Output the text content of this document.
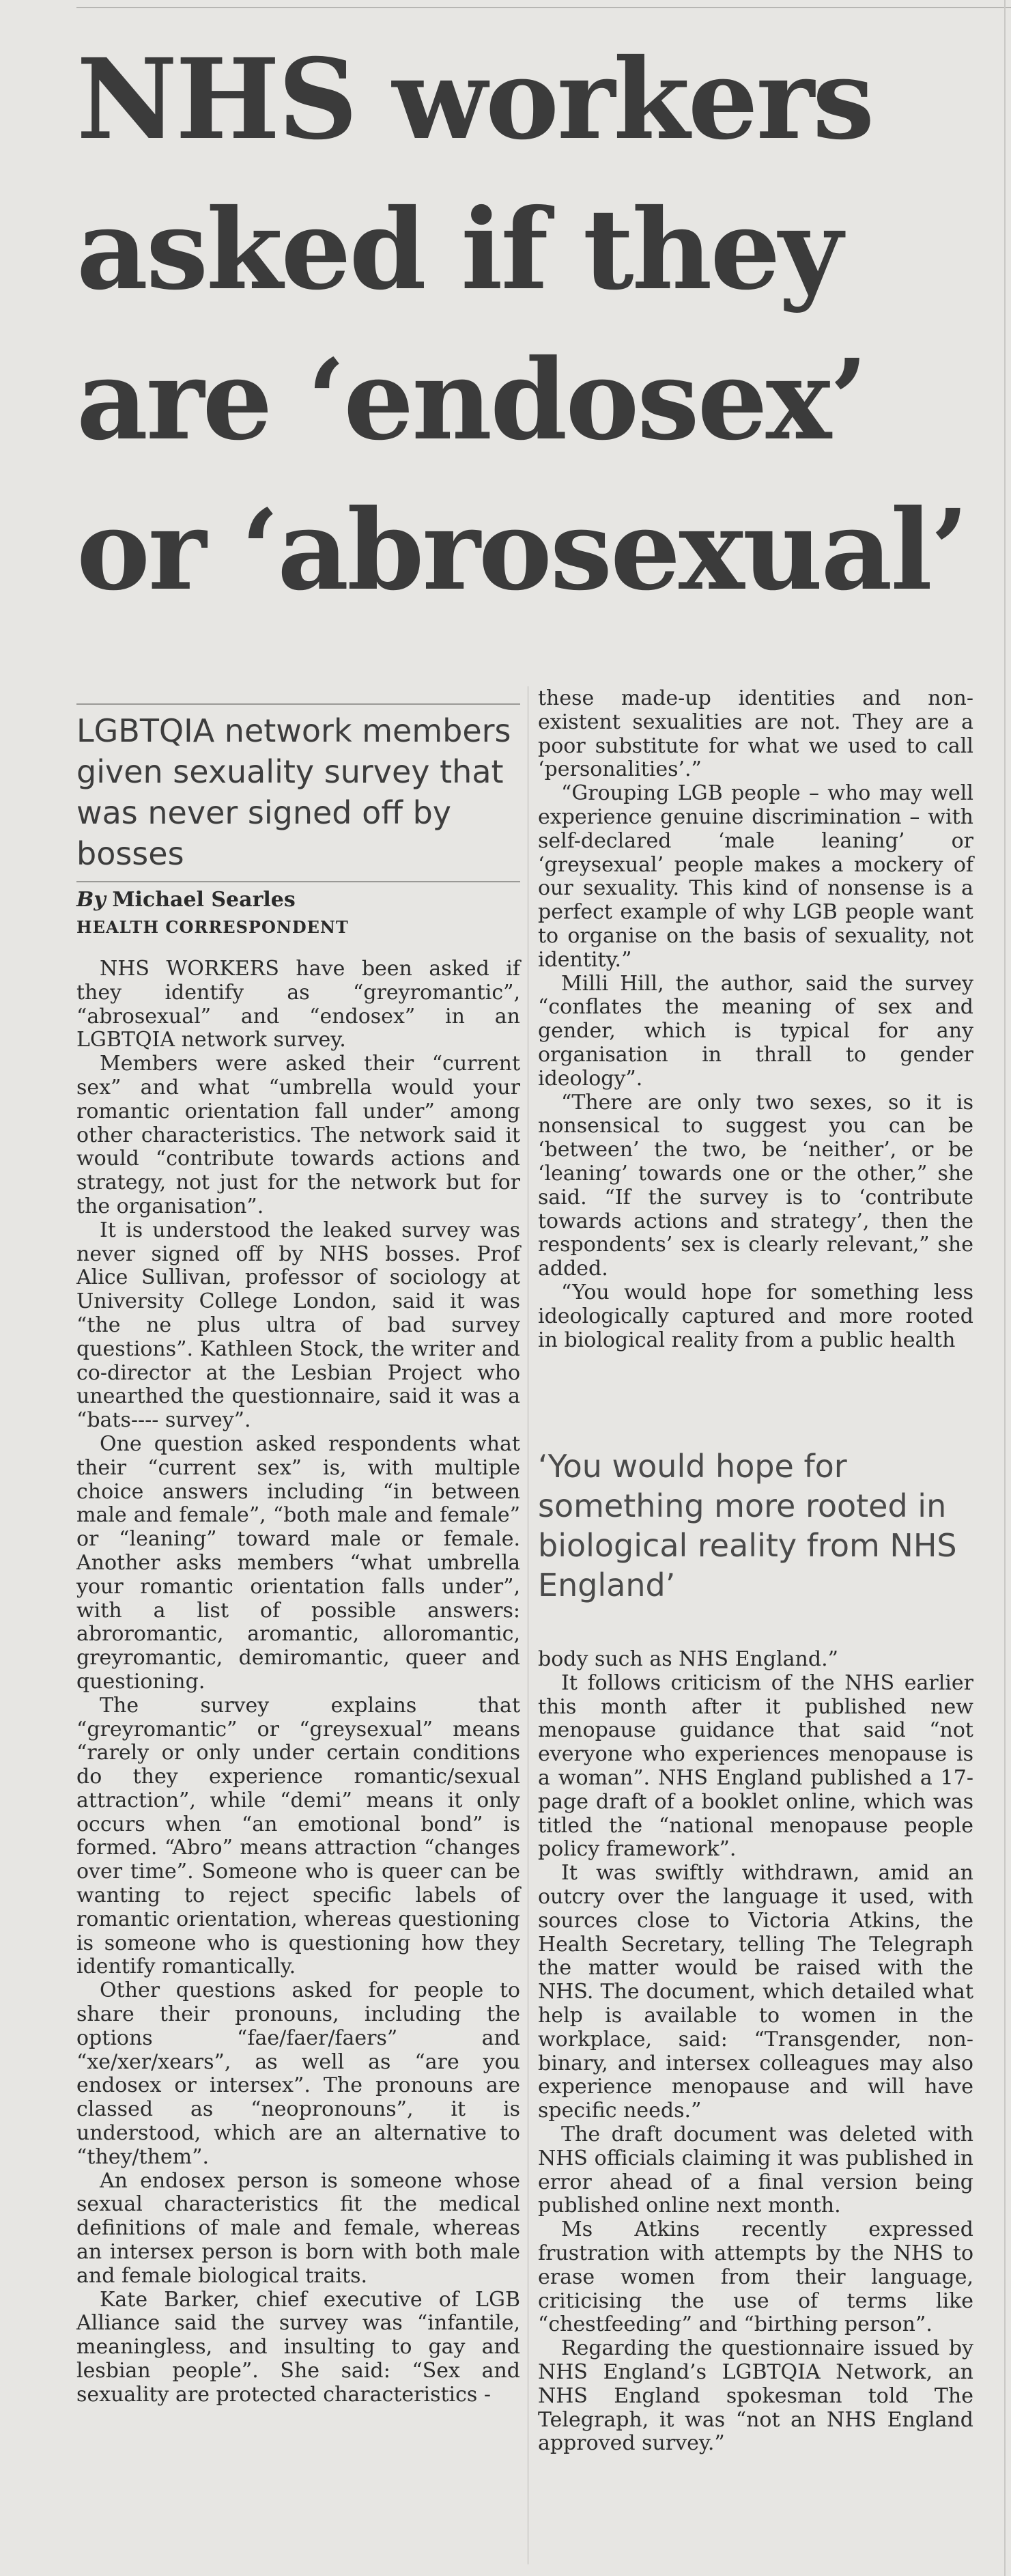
NHS workers asked if they are ‘endosex’ or ‘abrosexual’

LGBTQIA network members given sexuality survey that was never signed off by bosses

By Michael Searles

HEALTH CORRESPONDENT

NHS WORKERS have been asked if they identify as “greyromantic”, “abrosexual” and “endosex” in an LGBTQIA network survey.

Members were asked their “current sex” and what “umbrella would your romantic orientation fall under” among other characteristics. The network said it would “contribute towards actions and strategy, not just for the network but for the organisation”.

It is understood the leaked survey was never signed off by NHS bosses. Prof Alice Sullivan, professor of sociology at University College London, said it was “the ne plus ultra of bad survey questions”. Kathleen Stock, the writer and co-director at the Lesbian Project who unearthed the questionnaire, said it was a “bats---- survey”.

One question asked respondents what their “current sex” is, with multiple choice answers including “in between male and female”, “both male and female” or “leaning” toward male or female. Another asks members “what umbrella your romantic orientation falls under”, with a list of possible answers: abroromantic, aromantic, alloromantic, greyromantic, demiromantic, queer and questioning.

The survey explains that “greyromantic” or “greysexual” means “rarely or only under certain conditions do they experience romantic/sexual attraction”, while “demi” means it only occurs when “an emotional bond” is formed. “Abro” means attraction “changes over time”. Someone who is queer can be wanting to reject specific labels of romantic orientation, whereas questioning is someone who is questioning how they identify romantically.

Other questions asked for people to share their pronouns, including the options “fae/faer/faers” and “xe/xer/xears”, as well as “are you endosex or intersex”. The pronouns are classed as “neopronouns”, it is understood, which are an alternative to “they/them”.

An endosex person is someone whose sexual characteristics fit the medical definitions of male and female, whereas an intersex person is born with both male and female biological traits.

Kate Barker, chief executive of LGB Alliance said the survey was “infantile, meaningless, and insulting to gay and lesbian people”. She said: “Sex and sexuality are protected characteristics -

these made-up identities and non-existent sexualities are not. They are a poor substitute for what we used to call ‘personalities’.”

“Grouping LGB people – who may well experience genuine discrimination – with self-declared ‘male leaning’ or ‘greysexual’ people makes a mockery of our sexuality. This kind of nonsense is a perfect example of why LGB people want to organise on the basis of sexuality, not identity.”

Milli Hill, the author, said the survey “conflates the meaning of sex and gender, which is typical for any organisation in thrall to gender ideology”.

“There are only two sexes, so it is nonsensical to suggest you can be ‘between’ the two, be ‘neither’, or be ‘leaning’ towards one or the other,” she said. “If the survey is to ‘contribute towards actions and strategy’, then the respondents’ sex is clearly relevant,” she added.

“You would hope for something less ideologically captured and more rooted in biological reality from a public health

‘You would hope for something more rooted in biological reality from NHS England’

body such as NHS England.”

It follows criticism of the NHS earlier this month after it published new menopause guidance that said “not everyone who experiences menopause is a woman”. NHS England published a 17-page draft of a booklet online, which was titled the “national menopause people policy framework”.

It was swiftly withdrawn, amid an outcry over the language it used, with sources close to Victoria Atkins, the Health Secretary, telling The Telegraph the matter would be raised with the NHS. The document, which detailed what help is available to women in the workplace, said: “Transgender, non-binary, and intersex colleagues may also experience menopause and will have specific needs.”

The draft document was deleted with NHS officials claiming it was published in error ahead of a final version being published online next month.

Ms Atkins recently expressed frustration with attempts by the NHS to erase women from their language, criticising the use of terms like “chestfeeding” and “birthing person”.

Regarding the questionnaire issued by NHS England’s LGBTQIA Network, an NHS England spokesman told The Telegraph, it was “not an NHS England approved survey.”
